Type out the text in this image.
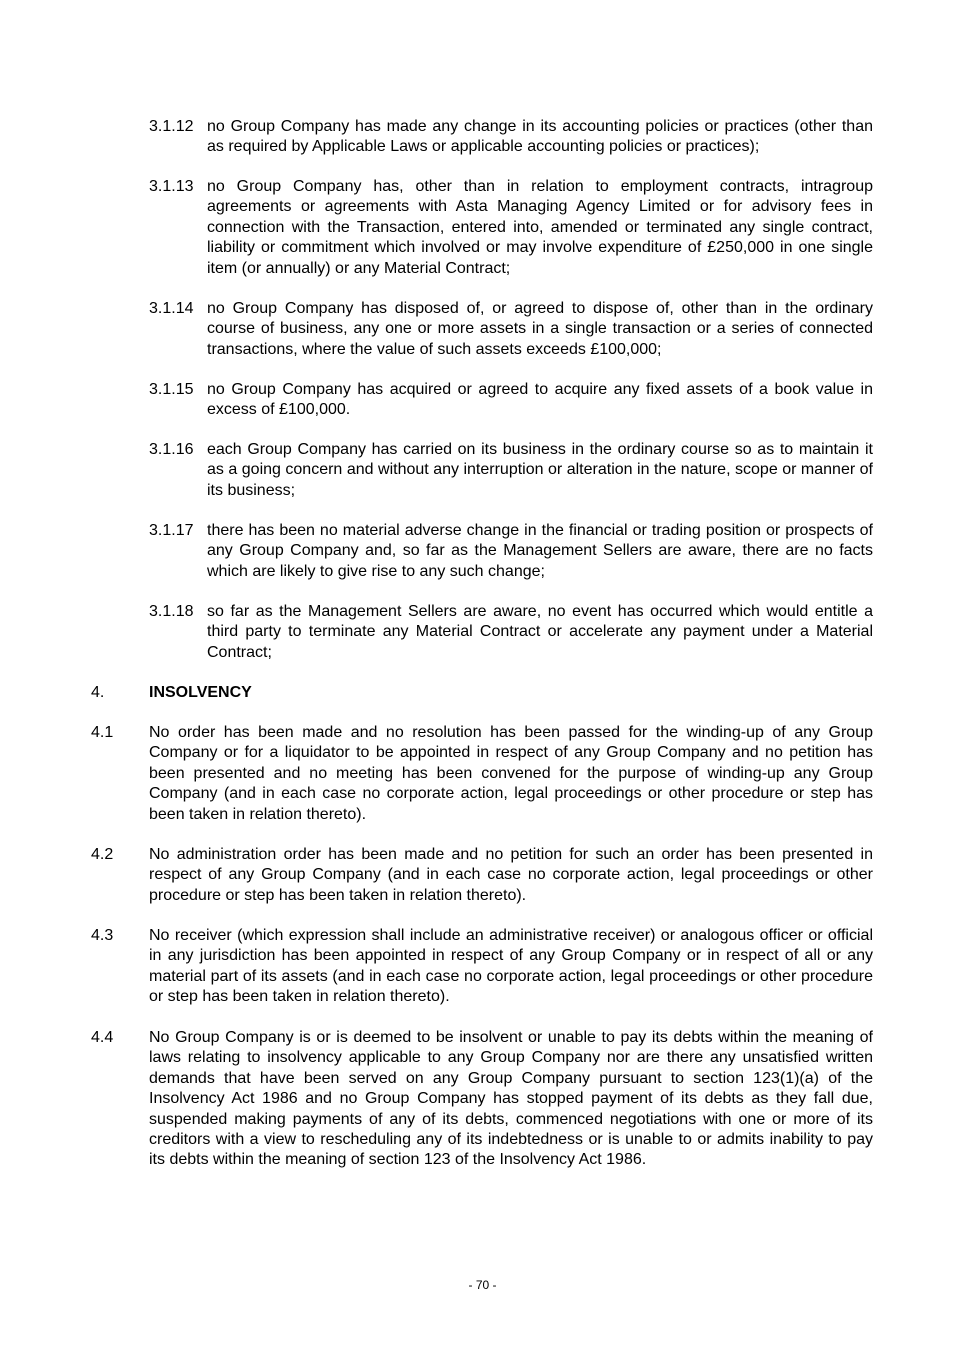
3.1.12 no Group Company has made any change in its accounting policies or practices (other than as required by Applicable Laws or applicable accounting policies or practices);
3.1.13 no Group Company has, other than in relation to employment contracts, intragroup agreements or agreements with Asta Managing Agency Limited or for advisory fees in connection with the Transaction, entered into, amended or terminated any single contract, liability or commitment which involved or may involve expenditure of £250,000 in one single item (or annually) or any Material Contract;
3.1.14 no Group Company has disposed of, or agreed to dispose of, other than in the ordinary course of business, any one or more assets in a single transaction or a series of connected transactions, where the value of such assets exceeds £100,000;
3.1.15 no Group Company has acquired or agreed to acquire any fixed assets of a book value in excess of £100,000.
3.1.16 each Group Company has carried on its business in the ordinary course so as to maintain it as a going concern and without any interruption or alteration in the nature, scope or manner of its business;
3.1.17 there has been no material adverse change in the financial or trading position or prospects of any Group Company and, so far as the Management Sellers are aware, there are no facts which are likely to give rise to any such change;
3.1.18 so far as the Management Sellers are aware, no event has occurred which would entitle a third party to terminate any Material Contract or accelerate any payment under a Material Contract;
4.	INSOLVENCY
4.1	No order has been made and no resolution has been passed for the winding-up of any Group Company or for a liquidator to be appointed in respect of any Group Company and no petition has been presented and no meeting has been convened for the purpose of winding-up any Group Company (and in each case no corporate action, legal proceedings or other procedure or step has been taken in relation thereto).
4.2	No administration order has been made and no petition for such an order has been presented in respect of any Group Company (and in each case no corporate action, legal proceedings or other procedure or step has been taken in relation thereto).
4.3	No receiver (which expression shall include an administrative receiver) or analogous officer or official in any jurisdiction has been appointed in respect of any Group Company or in respect of all or any material part of its assets (and in each case no corporate action, legal proceedings or other procedure or step has been taken in relation thereto).
4.4	No Group Company is or is deemed to be insolvent or unable to pay its debts within the meaning of laws relating to insolvency applicable to any Group Company nor are there any unsatisfied written demands that have been served on any Group Company pursuant to section 123(1)(a) of the Insolvency Act 1986 and no Group Company has stopped payment of its debts as they fall due, suspended making payments of any of its debts, commenced negotiations with one or more of its creditors with a view to rescheduling any of its indebtedness or is unable to or admits inability to pay its debts within the meaning of section 123 of the Insolvency Act 1986.
- 70 -
